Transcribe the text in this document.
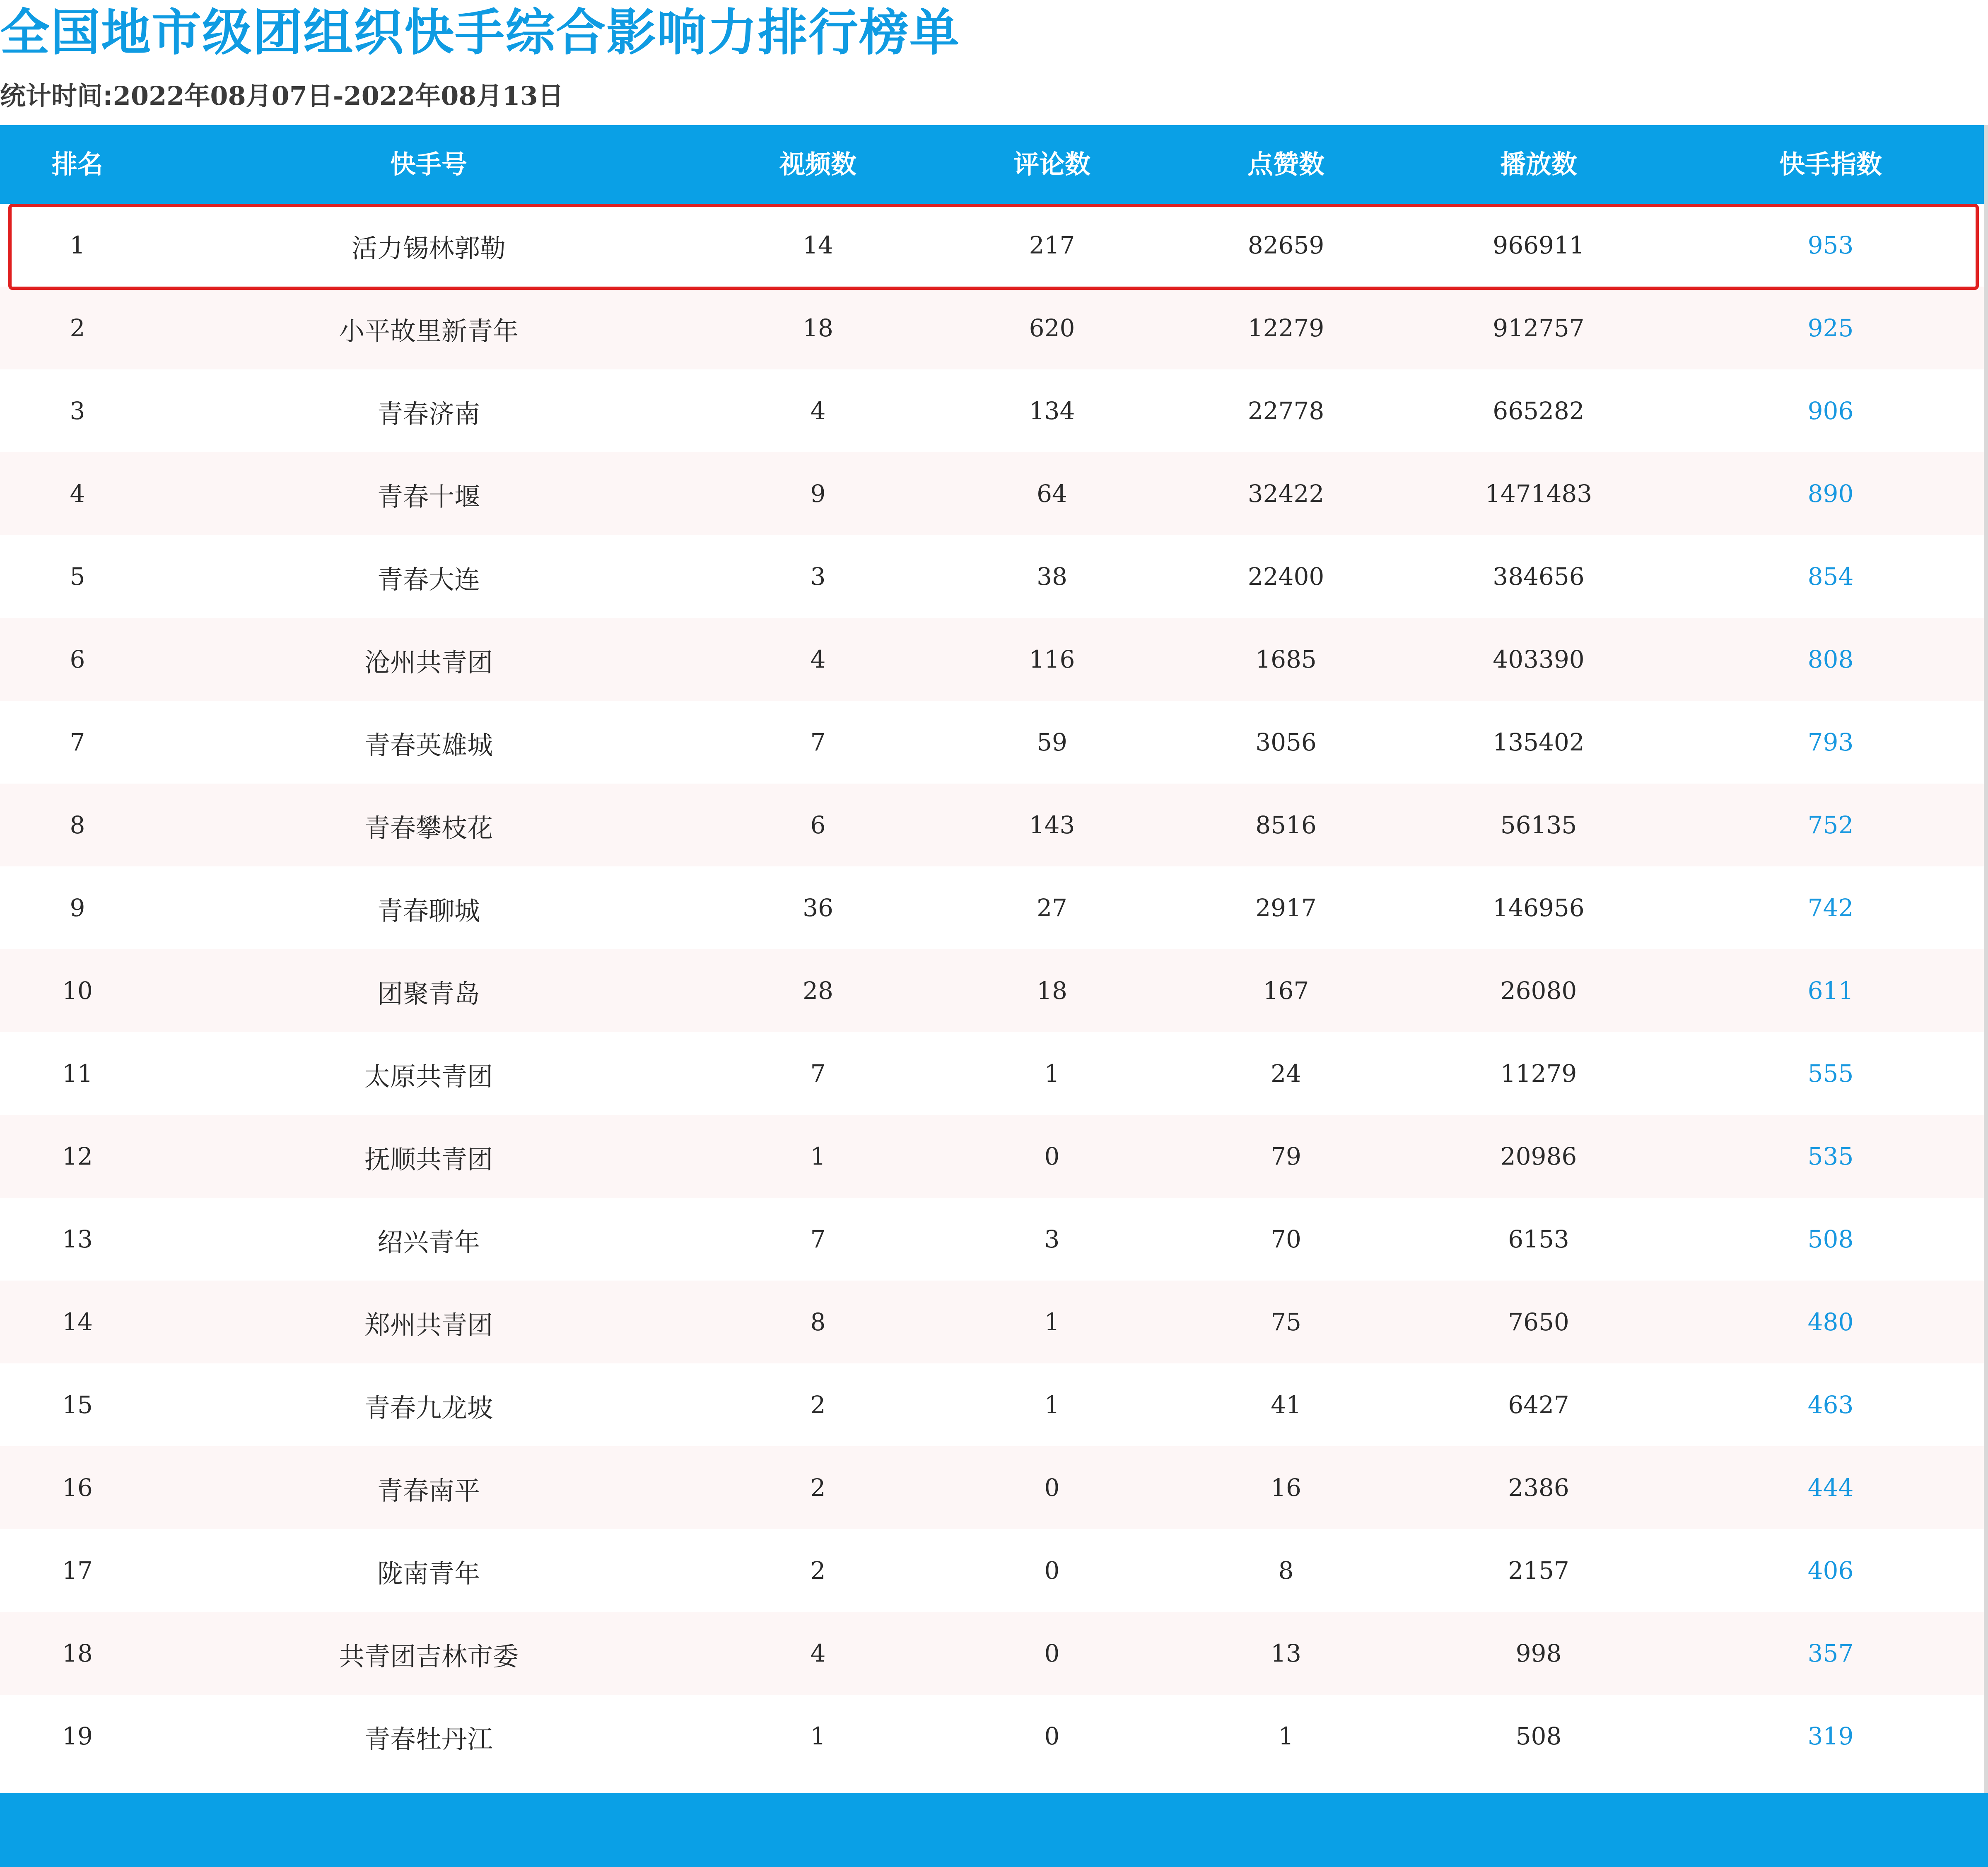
全国地市级团组织快手综合影响力排行榜单
统计时间:2022年08月07日-2022年08月13日
排名	快手号	视频数	评论数	点赞数	播放数	快手指数
1	活力锡林郭勒	14	217	82659	966911	953
2	小平故里新青年	18	620	12279	912757	925
3	青春济南	4	134	22778	665282	906
4	青春十堰	9	64	32422	1471483	890
5	青春大连	3	38	22400	384656	854
6	沧州共青团	4	116	1685	403390	808
7	青春英雄城	7	59	3056	135402	793
8	青春攀枝花	6	143	8516	56135	752
9	青春聊城	36	27	2917	146956	742
10	团聚青岛	28	18	167	26080	611
11	太原共青团	7	1	24	11279	555
12	抚顺共青团	1	0	79	20986	535
13	绍兴青年	7	3	70	6153	508
14	郑州共青团	8	1	75	7650	480
15	青春九龙坡	2	1	41	6427	463
16	青春南平	2	0	16	2386	444
17	陇南青年	2	0	8	2157	406
18	共青团吉林市委	4	0	13	998	357
19	青春牡丹江	1	0	1	508	319
